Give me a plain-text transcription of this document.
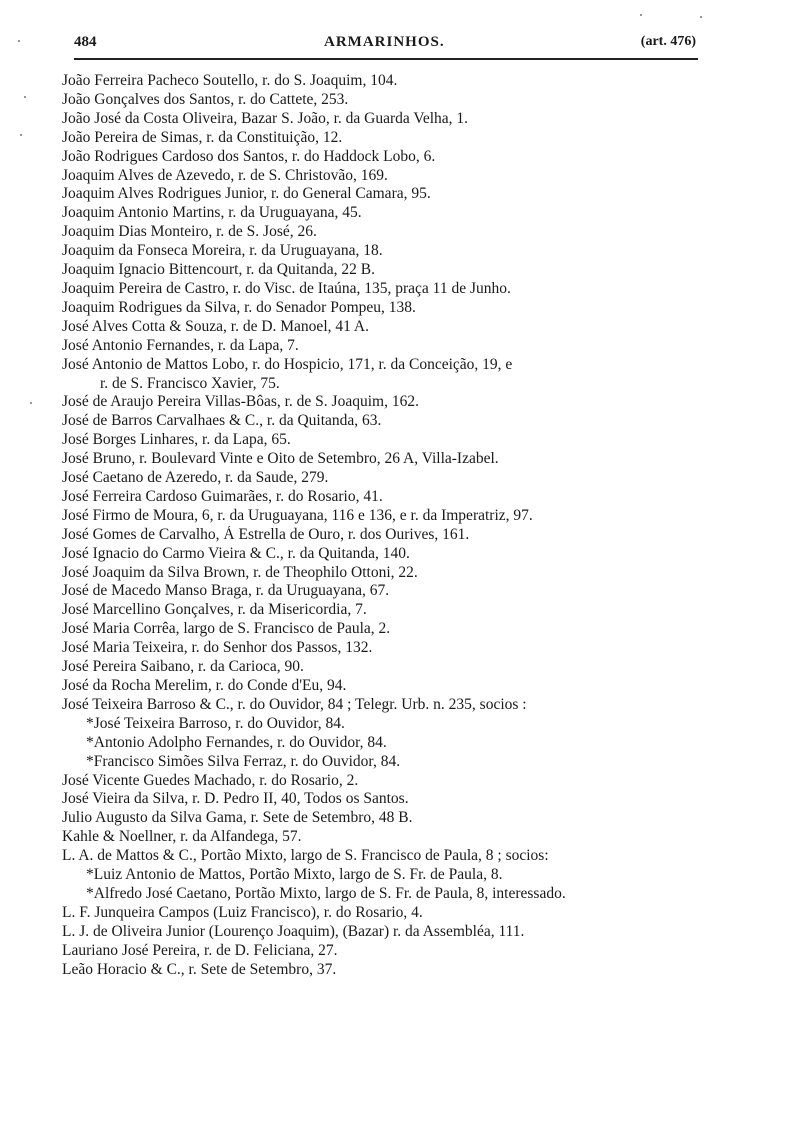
484	ARMARINHOS.	(art. 476)

João Ferreira Pacheco Soutello, r. do S. Joaquim, 104.

João Gonçalves dos Santos, r. do Cattete, 253.

João José da Costa Oliveira, Bazar S. João, r. da Guarda Velha, 1.

João Pereira de Simas, r. da Constituição, 12.

João Rodrigues Cardoso dos Santos, r. do Haddock Lobo, 6.

Joaquim Alves de Azevedo, r. de S. Christovão, 169.

Joaquim Alves Rodrigues Junior, r. do General Camara, 95.

Joaquim Antonio Martins, r. da Uruguayana, 45.

Joaquim Dias Monteiro, r. de S. José, 26.

Joaquim da Fonseca Moreira, r. da Uruguayana, 18.

Joaquim Ignacio Bittencourt, r. da Quitanda, 22 B.

Joaquim Pereira de Castro, r. do Visc. de Itaúna, 135, praça 11 de Junho.

Joaquim Rodrigues da Silva, r. do Senador Pompeu, 138.

José Alves Cotta & Souza, r. de D. Manoel, 41 A.

José Antonio Fernandes, r. da Lapa, 7.

José Antonio de Mattos Lobo, r. do Hospicio, 171, r. da Conceição, 19, e
r. de S. Francisco Xavier, 75.

José de Araujo Pereira Villas-Bôas, r. de S. Joaquim, 162.

José de Barros Carvalhaes & C., r. da Quitanda, 63.

José Borges Linhares, r. da Lapa, 65.

José Bruno, r. Boulevard Vinte e Oito de Setembro, 26 A, Villa-Izabel.

José Caetano de Azeredo, r. da Saude, 279.

José Ferreira Cardoso Guimarães, r. do Rosario, 41.

José Firmo de Moura, 6, r. da Uruguayana, 116 e 136, e r. da Imperatriz, 97.

José Gomes de Carvalho, Á Estrella de Ouro, r. dos Ourives, 161.

José Ignacio do Carmo Vieira & C., r. da Quitanda, 140.

José Joaquim da Silva Brown, r. de Theophilo Ottoni, 22.

José de Macedo Manso Braga, r. da Uruguayana, 67.

José Marcellino Gonçalves, r. da Misericordia, 7.

José Maria Corrêa, largo de S. Francisco de Paula, 2.

José Maria Teixeira, r. do Senhor dos Passos, 132.

José Pereira Saibano, r. da Carioca, 90.

José da Rocha Merelim, r. do Conde d'Eu, 94.

José Teixeira Barroso & C., r. do Ouvidor, 84 ; Telegr. Urb. n. 235, socios :

*José Teixeira Barroso, r. do Ouvidor, 84.

*Antonio Adolpho Fernandes, r. do Ouvidor, 84.

*Francisco Simões Silva Ferraz, r. do Ouvidor, 84.

José Vicente Guedes Machado, r. do Rosario, 2.

José Vieira da Silva, r. D. Pedro II, 40, Todos os Santos.

Julio Augusto da Silva Gama, r. Sete de Setembro, 48 B.

Kahle & Noellner, r. da Alfandega, 57.

L. A. de Mattos & C., Portão Mixto, largo de S. Francisco de Paula, 8 ; socios:

*Luiz Antonio de Mattos, Portão Mixto, largo de S. Fr. de Paula, 8.

*Alfredo José Caetano, Portão Mixto, largo de S. Fr. de Paula, 8, interessado.

L. F. Junqueira Campos (Luiz Francisco), r. do Rosario, 4.

L. J. de Oliveira Junior (Lourenço Joaquim), (Bazar) r. da Assembléa, 111.

Lauriano José Pereira, r. de D. Feliciana, 27.

Leão Horacio & C., r. Sete de Setembro, 37.
